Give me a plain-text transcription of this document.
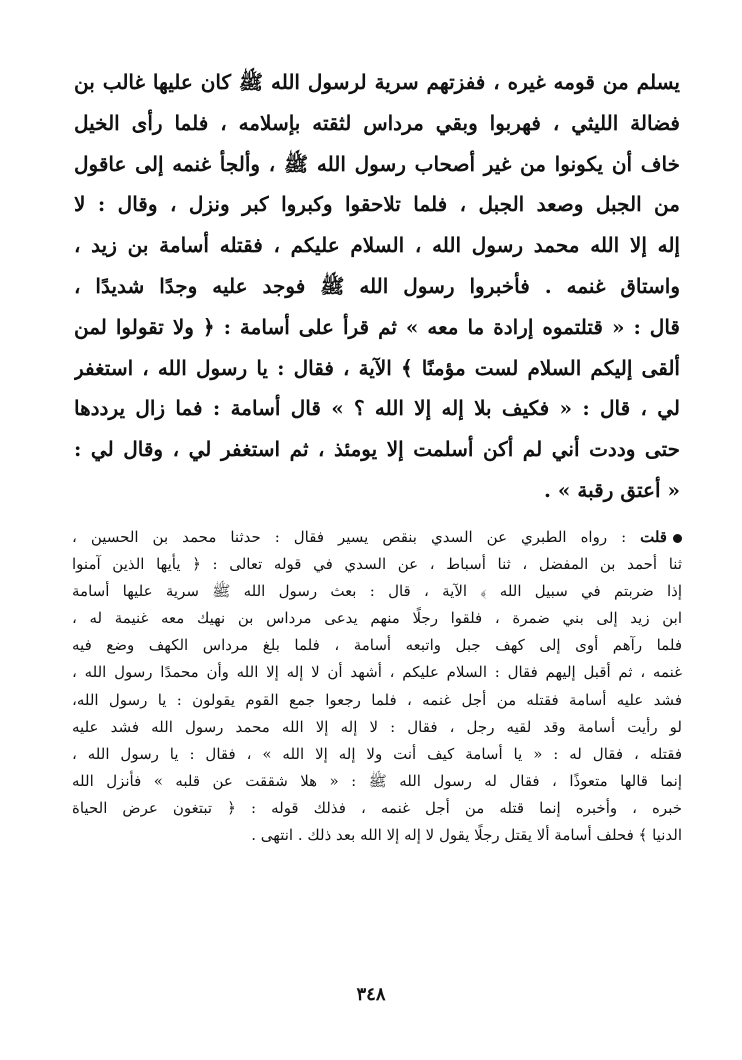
يسلم من قومه غيره ، ففزتهم سرية لرسول الله ﷺ كان عليها غالب بن
فضالة الليثي ، فهربوا وبقي مرداس لثقته بإسلامه ، فلما رأى الخيل
خاف أن يكونوا من غير أصحاب رسول الله ﷺ ، وألجأ غنمه إلى عاقول
من الجبل وصعد الجبل ، فلما تلاحقوا وكبروا كبر ونزل ، وقال : لا
إله إلا الله محمد رسول الله ، السلام عليكم ، فقتله أسامة بن زيد ،
واستاق غنمه . فأخبروا رسول الله ﷺ فوجد عليه وجدًا شديدًا ،
قال : « قتلتموه إرادة ما معه » ثم قرأ على أسامة : ﴿ ولا تقولوا لمن
ألقى إليكم السلام لست مؤمنًا ﴾ الآية ، فقال : يا رسول الله ، استغفر
لي ، قال : « فكيف بلا إله إلا الله ؟ » قال أسامة : فما زال يرددها
حتى وددت أني لم أكن أسلمت إلا يومئذ ، ثم استغفر لي ، وقال لي :
« أعتق رقبة » .
قلت : رواه الطبري عن السدي بنقص يسير فقال : حدثنا محمد بن الحسين ،
ثنا أحمد بن المفضل ، ثنا أسباط ، عن السدي في قوله تعالى : ﴿ يأيها الذين آمنوا
إذا ضربتم في سبيل الله ﴾ الآية ، قال : بعث رسول الله ﷺ سرية عليها أسامة
ابن زيد إلى بني ضمرة ، فلقوا رجلًا منهم يدعى مرداس بن نهيك معه غنيمة له ،
فلما رآهم أوى إلى كهف جبل واتبعه أسامة ، فلما بلغ مرداس الكهف وضع فيه
غنمه ، ثم أقبل إليهم فقال : السلام عليكم ، أشهد أن لا إله إلا الله وأن محمدًا رسول الله ،
فشد عليه أسامة فقتله من أجل غنمه ، فلما رجعوا جمع القوم يقولون : يا رسول الله،
لو رأيت أسامة وقد لقيه رجل ، فقال : لا إله إلا الله محمد رسول الله فشد عليه
فقتله ، فقال له : « يا أسامة كيف أنت ولا إله إلا الله » ، فقال : يا رسول الله ،
إنما قالها متعوذًا ، فقال له رسول الله ﷺ : « هلا شققت عن قلبه » فأنزل الله
خبره ، وأخبره إنما قتله من أجل غنمه ، فذلك قوله : ﴿ تبتغون عرض الحياة
الدنيا ﴾ فحلف أسامة ألا يقتل رجلًا يقول لا إله إلا الله بعد ذلك . انتهى .
٣٤٨
